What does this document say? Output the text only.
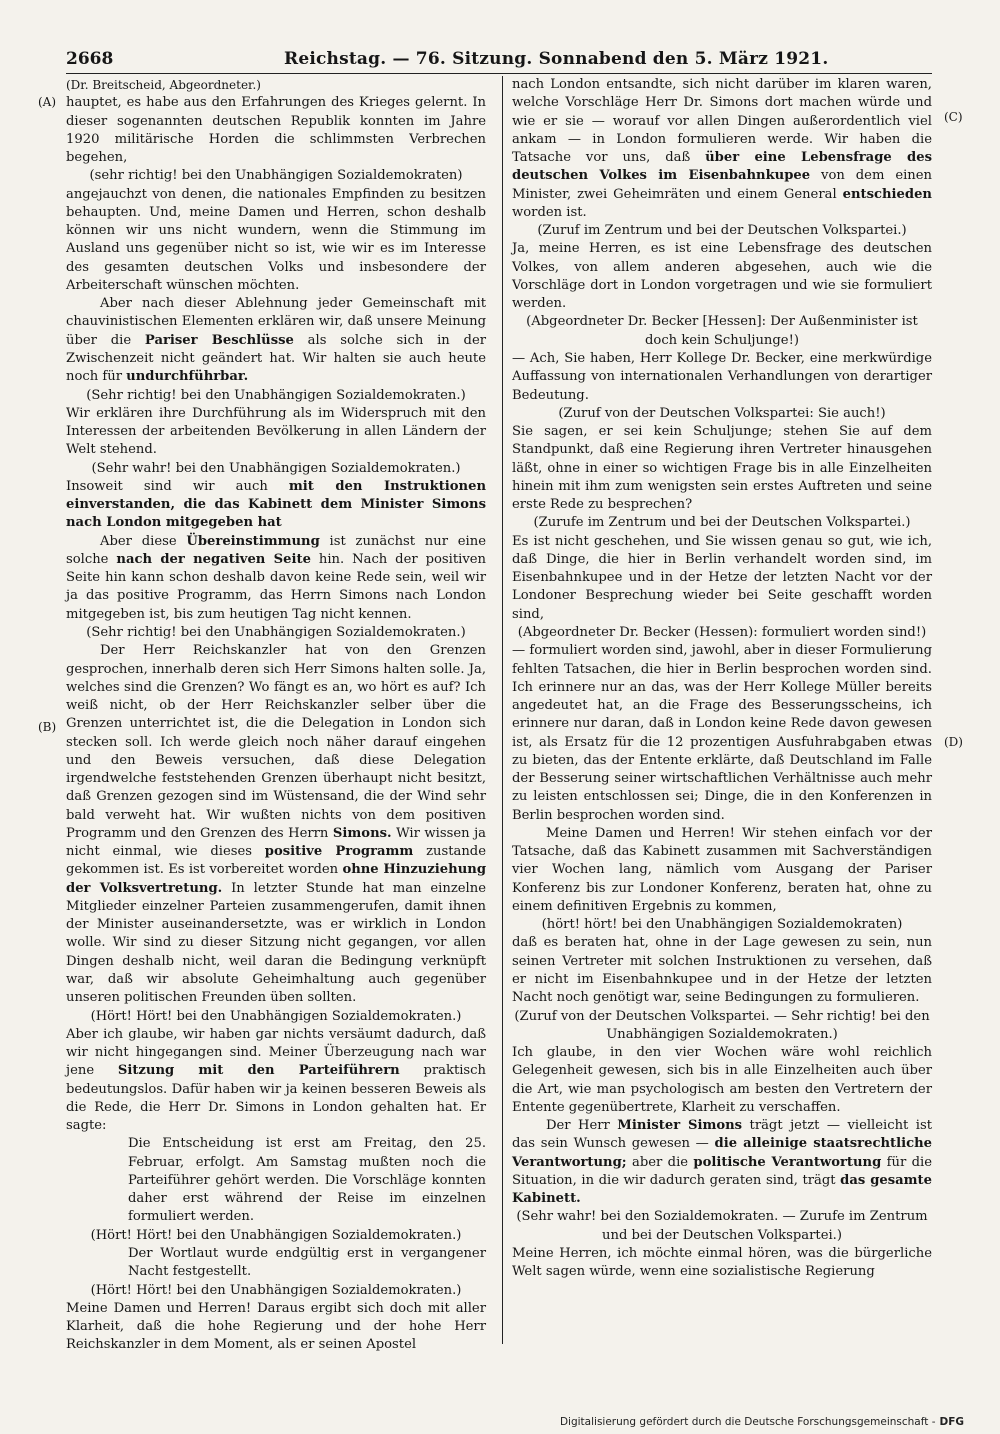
2668	Reichstag. — 76. Sitzung. Sonnabend den 5. März 1921.
(A)
(B)
(C)
(D)

(Dr. Breitscheid, Abgeordneter.)

hauptet, es habe aus den Erfahrungen des Krieges gelernt. In dieser sogenannten deutschen Republik konnten im Jahre 1920 militärische Horden die schlimmsten Verbrechen begehen,

(sehr richtig! bei den Unabhängigen Sozialdemokraten)

angejauchzt von denen, die nationales Empfinden zu besitzen behaupten. Und, meine Damen und Herren, schon deshalb können wir uns nicht wundern, wenn die Stimmung im Ausland uns gegenüber nicht so ist, wie wir es im Interesse des gesamten deutschen Volks und insbesondere der Arbeiterschaft wünschen möchten.

Aber nach dieser Ablehnung jeder Gemeinschaft mit chauvinistischen Elementen erklären wir, daß unsere Meinung über die Pariser Beschlüsse als solche sich in der Zwischenzeit nicht geändert hat. Wir halten sie auch heute noch für undurchführbar.

(Sehr richtig! bei den Unabhängigen Sozialdemokraten.)

Wir erklären ihre Durchführung als im Widerspruch mit den Interessen der arbeitenden Bevölkerung in allen Ländern der Welt stehend.

(Sehr wahr! bei den Unabhängigen Sozialdemokraten.)

Insoweit sind wir auch mit den Instruktionen einverstanden, die das Kabinett dem Minister Simons nach London mitgegeben hat

Aber diese Übereinstimmung ist zunächst nur eine solche nach der negativen Seite hin. Nach der positiven Seite hin kann schon deshalb davon keine Rede sein, weil wir ja das positive Programm, das Herrn Simons nach London mitgegeben ist, bis zum heutigen Tag nicht kennen.

(Sehr richtig! bei den Unabhängigen Sozialdemokraten.)

Der Herr Reichskanzler hat von den Grenzen gesprochen, innerhalb deren sich Herr Simons halten solle. Ja, welches sind die Grenzen? Wo fängt es an, wo hört es auf? Ich weiß nicht, ob der Herr Reichskanzler selber über die Grenzen unterrichtet ist, die die Delegation in London sich stecken soll. Ich werde gleich noch näher darauf eingehen und den Beweis versuchen, daß diese Delegation irgendwelche feststehenden Grenzen überhaupt nicht besitzt, daß Grenzen gezogen sind im Wüstensand, die der Wind sehr bald verweht hat. Wir wußten nichts von dem positiven Programm und den Grenzen des Herrn Simons. Wir wissen ja nicht einmal, wie dieses positive Programm zustande gekommen ist. Es ist vorbereitet worden ohne Hinzuziehung der Volksvertretung. In letzter Stunde hat man einzelne Mitglieder einzelner Parteien zusammengerufen, damit ihnen der Minister auseinandersetzte, was er wirklich in London wolle. Wir sind zu dieser Sitzung nicht gegangen, vor allen Dingen deshalb nicht, weil daran die Bedingung verknüpft war, daß wir absolute Geheimhaltung auch gegenüber unseren politischen Freunden üben sollten.

(Hört! Hört! bei den Unabhängigen Sozialdemokraten.)

Aber ich glaube, wir haben gar nichts versäumt dadurch, daß wir nicht hingegangen sind. Meiner Überzeugung nach war jene Sitzung mit den Parteiführern praktisch bedeutungslos. Dafür haben wir ja keinen besseren Beweis als die Rede, die Herr Dr. Simons in London gehalten hat. Er sagte:

Die Entscheidung ist erst am Freitag, den 25. Februar, erfolgt. Am Samstag mußten noch die Parteiführer gehört werden. Die Vorschläge konnten daher erst während der Reise im einzelnen formuliert werden.

(Hört! Hört! bei den Unabhängigen Sozialdemokraten.)

Der Wortlaut wurde endgültig erst in vergangener Nacht festgestellt.

(Hört! Hört! bei den Unabhängigen Sozialdemokraten.)

Meine Damen und Herren! Daraus ergibt sich doch mit aller Klarheit, daß die hohe Regierung und der hohe Herr Reichskanzler in dem Moment, als er seinen Apostel

nach London entsandte, sich nicht darüber im klaren waren, welche Vorschläge Herr Dr. Simons dort machen würde und wie er sie — worauf vor allen Dingen außerordentlich viel ankam — in London formulieren werde. Wir haben die Tatsache vor uns, daß über eine Lebensfrage des deutschen Volkes im Eisenbahnkupee von dem einen Minister, zwei Geheimräten und einem General entschieden worden ist.

(Zuruf im Zentrum und bei der Deutschen Volkspartei.)

Ja, meine Herren, es ist eine Lebensfrage des deutschen Volkes, von allem anderen abgesehen, auch wie die Vorschläge dort in London vorgetragen und wie sie formuliert werden.

(Abgeordneter Dr. Becker [Hessen]: Der Außenminister ist doch kein Schuljunge!)

— Ach, Sie haben, Herr Kollege Dr. Becker, eine merkwürdige Auffassung von internationalen Verhandlungen von derartiger Bedeutung.

(Zuruf von der Deutschen Volkspartei: Sie auch!)

Sie sagen, er sei kein Schuljunge; stehen Sie auf dem Standpunkt, daß eine Regierung ihren Vertreter hinausgehen läßt, ohne in einer so wichtigen Frage bis in alle Einzelheiten hinein mit ihm zum wenigsten sein erstes Auftreten und seine erste Rede zu besprechen?

(Zurufe im Zentrum und bei der Deutschen Volkspartei.)

Es ist nicht geschehen, und Sie wissen genau so gut, wie ich, daß Dinge, die hier in Berlin verhandelt worden sind, im Eisenbahnkupee und in der Hetze der letzten Nacht vor der Londoner Besprechung wieder bei Seite geschafft worden sind,

(Abgeordneter Dr. Becker (Hessen): formuliert worden sind!)

— formuliert worden sind, jawohl, aber in dieser Formulierung fehlten Tatsachen, die hier in Berlin besprochen worden sind. Ich erinnere nur an das, was der Herr Kollege Müller bereits angedeutet hat, an die Frage des Besserungsscheins, ich erinnere nur daran, daß in London keine Rede davon gewesen ist, als Ersatz für die 12 prozentigen Ausfuhrabgaben etwas zu bieten, das der Entente erklärte, daß Deutschland im Falle der Besserung seiner wirtschaftlichen Verhältnisse auch mehr zu leisten entschlossen sei; Dinge, die in den Konferenzen in Berlin besprochen worden sind.

Meine Damen und Herren! Wir stehen einfach vor der Tatsache, daß das Kabinett zusammen mit Sachverständigen vier Wochen lang, nämlich vom Ausgang der Pariser Konferenz bis zur Londoner Konferenz, beraten hat, ohne zu einem definitiven Ergebnis zu kommen,

(hört! hört! bei den Unabhängigen Sozialdemokraten)

daß es beraten hat, ohne in der Lage gewesen zu sein, nun seinen Vertreter mit solchen Instruktionen zu versehen, daß er nicht im Eisenbahnkupee und in der Hetze der letzten Nacht noch genötigt war, seine Bedingungen zu formulieren.

(Zuruf von der Deutschen Volkspartei. — Sehr richtig! bei den Unabhängigen Sozialdemokraten.)

Ich glaube, in den vier Wochen wäre wohl reichlich Gelegenheit gewesen, sich bis in alle Einzelheiten auch über die Art, wie man psychologisch am besten den Vertretern der Entente gegenübertrete, Klarheit zu verschaffen.

Der Herr Minister Simons trägt jetzt — vielleicht ist das sein Wunsch gewesen — die alleinige staatsrechtliche Verantwortung; aber die politische Verantwortung für die Situation, in die wir dadurch geraten sind, trägt das gesamte Kabinett.

(Sehr wahr! bei den Sozialdemokraten. — Zurufe im Zentrum und bei der Deutschen Volkspartei.)

Meine Herren, ich möchte einmal hören, was die bürgerliche Welt sagen würde, wenn eine sozialistische Regierung

Digitalisierung gefördert durch die Deutsche Forschungsgemeinschaft - DFG
